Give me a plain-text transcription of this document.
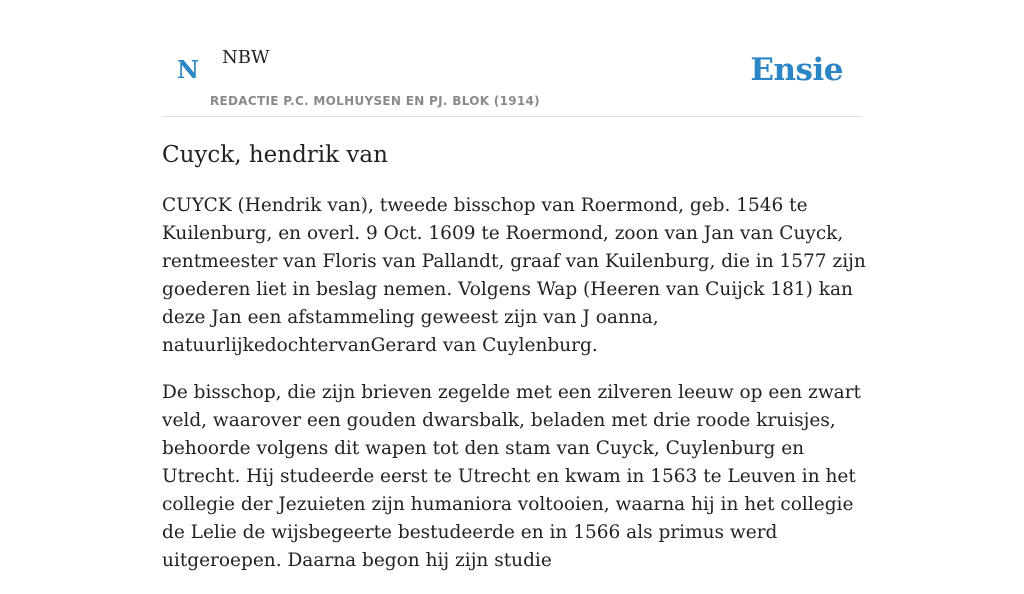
N NBW
REDACTIE P.C. MOLHUYSEN EN PJ. BLOK (1914)
Ensie
Cuyck, hendrik van

CUYCK (Hendrik van), tweede bisschop van Roermond, geb. 1546 te Kuilenburg, en overl. 9 Oct. 1609 te Roermond, zoon van Jan van Cuyck, rentmeester van Floris van Pallandt, graaf van Kuilenburg, die in 1577 zijn goederen liet in beslag nemen. Volgens Wap (Heeren van Cuijck 181) kan deze Jan een afstammeling geweest zijn van J oanna, natuurlijkedochtervanGerard van Cuylenburg.

De bisschop, die zijn brieven zegelde met een zilveren leeuw op een zwart veld, waarover een gouden dwarsbalk, beladen met drie roode kruisjes, behoorde volgens dit wapen tot den stam van Cuyck, Cuylenburg en Utrecht. Hij studeerde eerst te Utrecht en kwam in 1563 te Leuven in het collegie der Jezuieten zijn humaniora voltooien, waarna hij in het collegie de Lelie de wijsbegeerte bestudeerde en in 1566 als primus werd uitgeroepen. Daarna begon hij zijn studie
